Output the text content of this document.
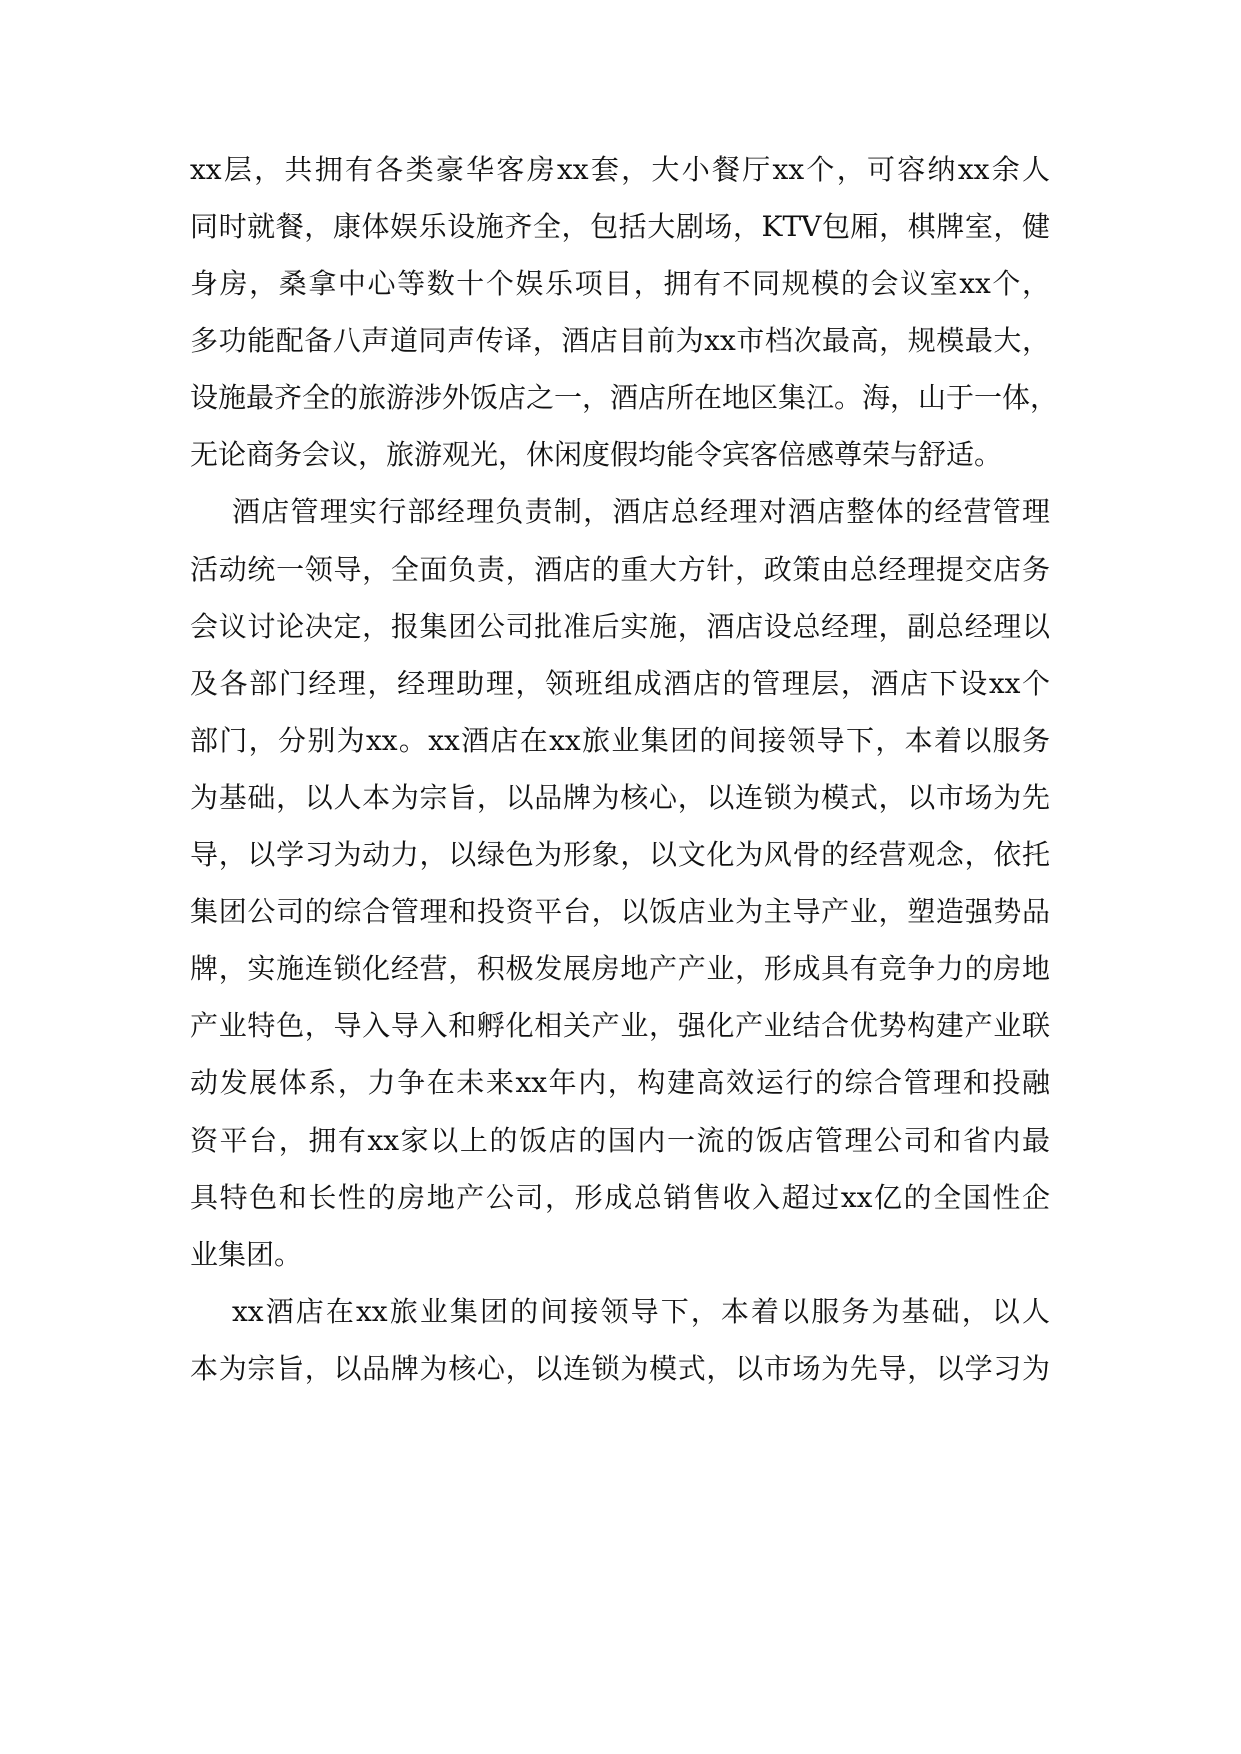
xx层，共拥有各类豪华客房xx套，大小餐厅xx个，可容纳xx余人
同时就餐，康体娱乐设施齐全，包括大剧场，KTV包厢，棋牌室，健
身房，桑拿中心等数十个娱乐项目，拥有不同规模的会议室xx个，
多功能配备八声道同声传译，酒店目前为xx市档次最高，规模最大，
设施最齐全的旅游涉外饭店之一，酒店所在地区集江。海，山于一体，
无论商务会议，旅游观光，休闲度假均能令宾客倍感尊荣与舒适。
酒店管理实行部经理负责制，酒店总经理对酒店整体的经营管理
活动统一领导，全面负责，酒店的重大方针，政策由总经理提交店务
会议讨论决定，报集团公司批准后实施，酒店设总经理，副总经理以
及各部门经理，经理助理，领班组成酒店的管理层，酒店下设xx个
部门，分别为xx。xx酒店在xx旅业集团的间接领导下，本着以服务
为基础，以人本为宗旨，以品牌为核心，以连锁为模式，以市场为先
导，以学习为动力，以绿色为形象，以文化为风骨的经营观念，依托
集团公司的综合管理和投资平台，以饭店业为主导产业，塑造强势品
牌，实施连锁化经营，积极发展房地产产业，形成具有竞争力的房地
产业特色，导入导入和孵化相关产业，强化产业结合优势构建产业联
动发展体系，力争在未来xx年内，构建高效运行的综合管理和投融
资平台，拥有xx家以上的饭店的国内一流的饭店管理公司和省内最
具特色和长性的房地产公司，形成总销售收入超过xx亿的全国性企
业集团。
xx酒店在xx旅业集团的间接领导下，本着以服务为基础，以人
本为宗旨，以品牌为核心，以连锁为模式，以市场为先导，以学习为
